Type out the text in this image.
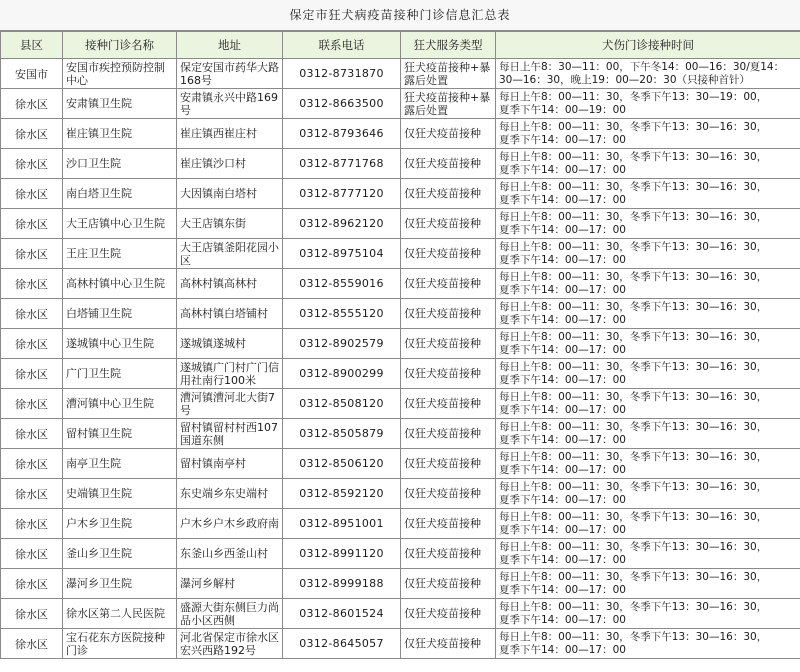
保定市狂犬病疫苗接种门诊信息汇总表
县区	接种门诊名称	地址	联系电话	狂犬服务类型	犬伤门诊接种时间
安国市	安国市疾控预防控制中心	保定安国市药华大路168号	0312-8731870	狂犬疫苗接种+暴露后处置	每日上午8：30—11：00，下午冬14：00—16：30/夏14：30—16：30，晚上19：00—20：30（只接种首针）
徐水区	安肃镇卫生院	安肃镇永兴中路169号	0312-8663500	狂犬疫苗接种+暴露后处置	每日上午8：00—11：30，冬季下午13：30—19：00，
夏季下午14：00—19：00
徐水区	崔庄镇卫生院	崔庄镇西崔庄村	0312-8793646	仅狂犬疫苗接种	每日上午8：00—11：30，冬季下午13：30—16：30，
夏季下午14：00—17：00
徐水区	沙口卫生院	崔庄镇沙口村	0312-8771768	仅狂犬疫苗接种	每日上午8：00—11：30，冬季下午13：30—16：30，
夏季下午14：00—17：00
徐水区	南白塔卫生院	大因镇南白塔村	0312-8777120	仅狂犬疫苗接种	每日上午8：00—11：30，冬季下午13：30—16：30，
夏季下午14：00—17：00
徐水区	大王店镇中心卫生院	大王店镇东街	0312-8962120	仅狂犬疫苗接种	每日上午8：00—11：30，冬季下午13：30—16：30，
夏季下午14：00—17：00
徐水区	王庄卫生院	大王店镇釜阳花园小区	0312-8975104	仅狂犬疫苗接种	每日上午8：00—11：30，冬季下午13：30—16：30，
夏季下午14：00—17：00
徐水区	高林村镇中心卫生院	高林村镇高林村	0312-8559016	仅狂犬疫苗接种	每日上午8：00—11：30，冬季下午13：30—16：30，
夏季下午14：00—17：00
徐水区	白塔铺卫生院	高林村镇白塔铺村	0312-8555120	仅狂犬疫苗接种	每日上午8：00—11：30，冬季下午13：30—16：30，
夏季下午14：00—17：00
徐水区	遂城镇中心卫生院	遂城镇遂城村	0312-8902579	仅狂犬疫苗接种	每日上午8：00—11：30，冬季下午13：30—16：30，
夏季下午14：00—17：00
徐水区	广门卫生院	遂城镇广门村广门信用社南行100米	0312-8900299	仅狂犬疫苗接种	每日上午8：00—11：30，冬季下午13：30—16：30，
夏季下午14：00—17：00
徐水区	漕河镇中心卫生院	漕河镇漕河北大街7号	0312-8508120	仅狂犬疫苗接种	每日上午8：00—11：30，冬季下午13：30—16：30，
夏季下午14：00—17：00
徐水区	留村镇卫生院	留村镇留村村西107国道东侧	0312-8505879	仅狂犬疫苗接种	每日上午8：00—11：30，冬季下午13：30—16：30，
夏季下午14：00—17：00
徐水区	南亭卫生院	留村镇南亭村	0312-8506120	仅狂犬疫苗接种	每日上午8：00—11：30，冬季下午13：30—16：30，
夏季下午14：00—17：00
徐水区	史端镇卫生院	东史端乡东史端村	0312-8592120	仅狂犬疫苗接种	每日上午8：00—11：30，冬季下午13：30—16：30，
夏季下午14：00—17：00
徐水区	户木乡卫生院	户木乡户木乡政府南	0312-8951001	仅狂犬疫苗接种	每日上午8：00—11：30，冬季下午13：30—16：30，
夏季下午14：00—17：00
徐水区	釜山乡卫生院	东釜山乡西釜山村	0312-8991120	仅狂犬疫苗接种	每日上午8：00—11：30，冬季下午13：30—16：30，
夏季下午14：00—17：00
徐水区	瀑河乡卫生院	瀑河乡解村	0312-8999188	仅狂犬疫苗接种	每日上午8：00—11：30，冬季下午13：30—16：30，
夏季下午14：00—17：00
徐水区	徐水区第二人民医院	盛源大街东侧巨力尚品小区西侧	0312-8601524	仅狂犬疫苗接种	每日上午8：00—11：30，冬季下午13：30—16：30，
夏季下午14：00—17：00
徐水区	宝石花东方医院接种门诊	河北省保定市徐水区宏兴西路192号	0312-8645057	仅狂犬疫苗接种	每日上午8：00—11：30，冬季下午13：30—16：30，
夏季下午14：00—17：00
